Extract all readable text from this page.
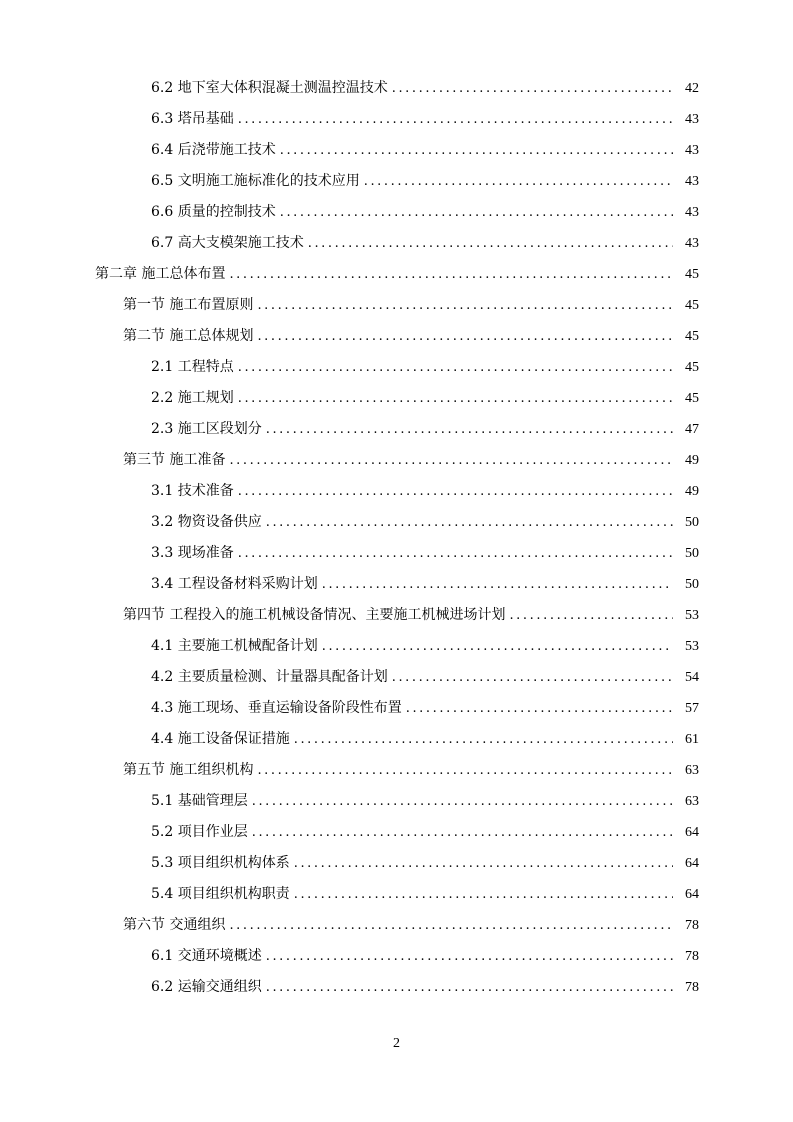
6.2 地下室大体积混凝土测温控温技术 .....	42
6.3 塔吊基础 .....	43
6.4 后浇带施工技术 .....	43
6.5 文明施工施标准化的技术应用 .....	43
6.6 质量的控制技术 .....	43
6.7 高大支模架施工技术 .....	43
第二章 施工总体布置 .....	45
第一节 施工布置原则 .....	45
第二节 施工总体规划 .....	45
2.1 工程特点 .....	45
2.2 施工规划 .....	45
2.3 施工区段划分 .....	47
第三节 施工准备 .....	49
3.1 技术准备 .....	49
3.2 物资设备供应 .....	50
3.3 现场准备 .....	50
3.4 工程设备材料采购计划 .....	50
第四节 工程投入的施工机械设备情况、主要施工机械进场计划 .....	53
4.1 主要施工机械配备计划 .....	53
4.2 主要质量检测、计量器具配备计划 .....	54
4.3 施工现场、垂直运输设备阶段性布置 .....	57
4.4 施工设备保证措施 .....	61
第五节 施工组织机构 .....	63
5.1 基础管理层 .....	63
5.2 项目作业层 .....	64
5.3 项目组织机构体系 .....	64
5.4 项目组织机构职责 .....	64
第六节 交通组织 .....	78
6.1 交通环境概述 .....	78
6.2 运输交通组织 .....	78
2
